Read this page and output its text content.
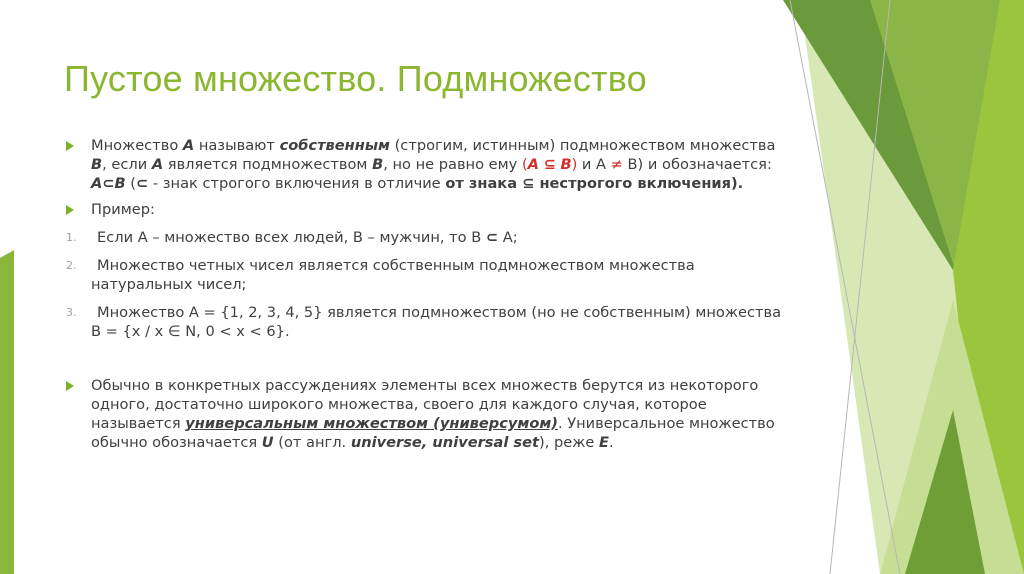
Пустое множество. Подмножество
Множество A называют собственным (строгим, истинным) подмножеством множества B, если A является подмножеством B, но не равно ему (A ⊆ B) и A ≠ B) и обозначается: A⊂B (⊂ - знак строгого включения в отличие от знака ⊆ нестрогого включения).
Пример:
1.	Если А – множество всех людей, В – мужчин, то В ⊂ А;
2.	Множество четных чисел является собственным подмножеством множества натуральных чисел;
3.	Множество А = {1, 2, 3, 4, 5} является подмножеством (но не собственным) множества В = {x / x ∈ N, 0 < x < 6}.
Обычно в конкретных рассуждениях элементы всех множеств берутся из некоторого одного, достаточно широкого множества, своего для каждого случая, которое называется универсальным множеством (универсумом). Универсальное множество обычно обозначается U (от англ. universe, universal set), реже E.
